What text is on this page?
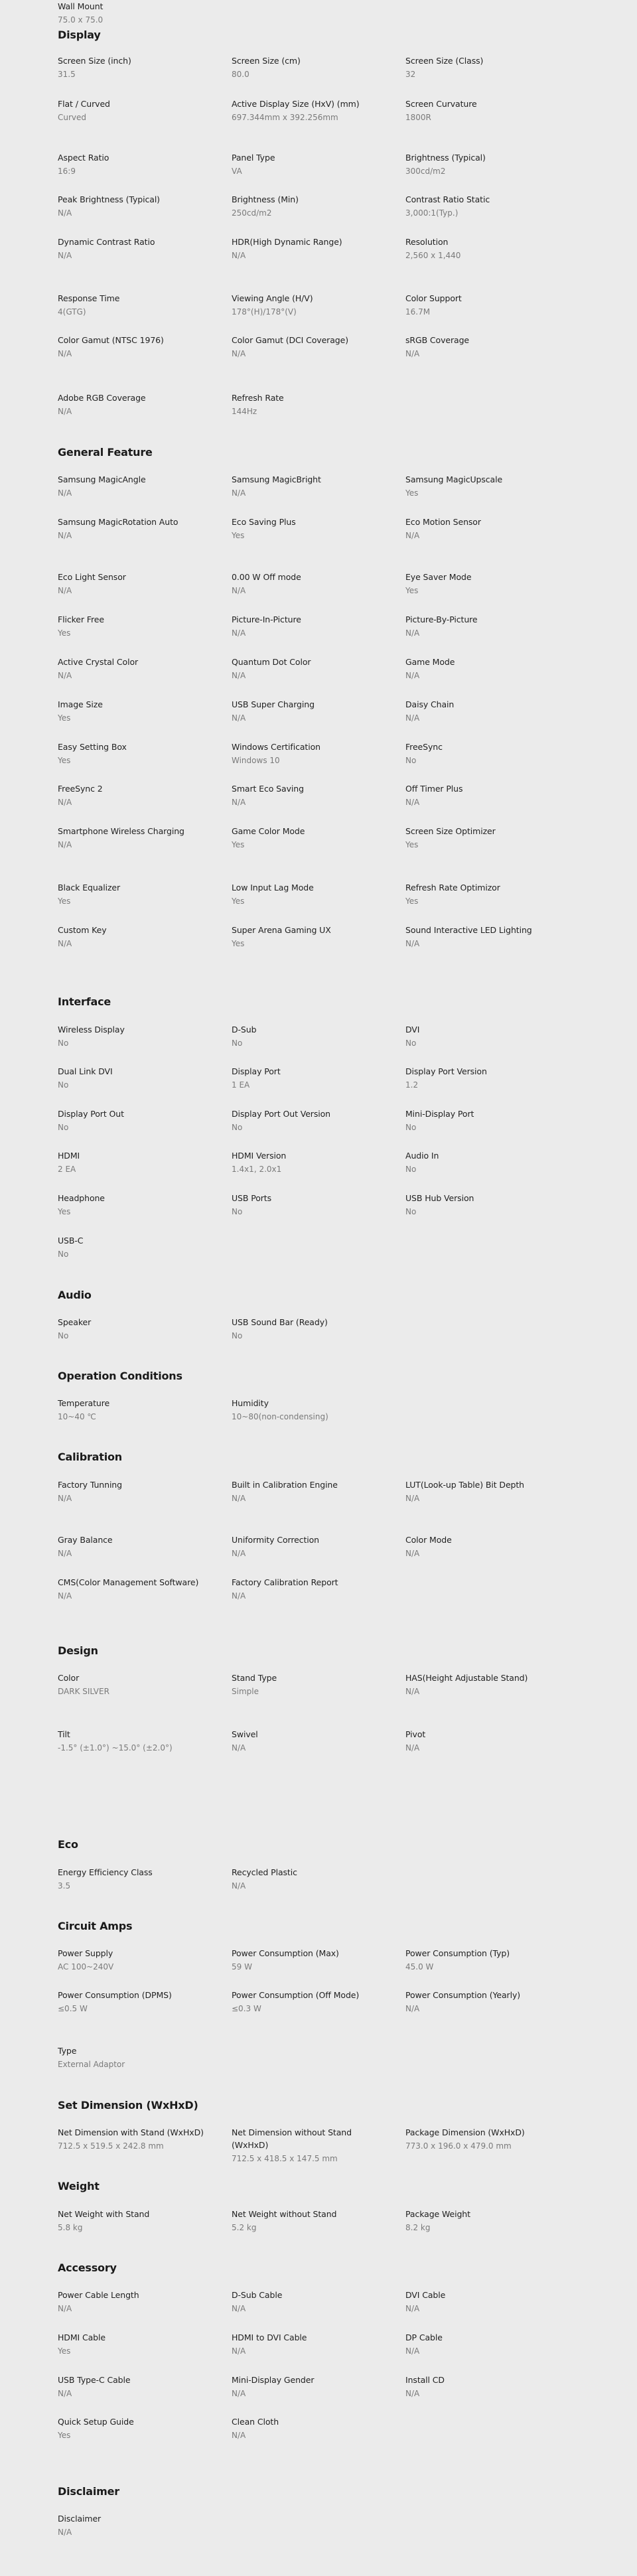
Display
Screen Size (inch)
31.5
Screen Size (cm)
80.0
Screen Size (Class)
32
Flat / Curved
Curved
Active Display Size (HxV) (mm)
697.344mm x 392.256mm
Screen Curvature
1800R
Aspect Ratio
16:9
Panel Type
VA
Brightness (Typical)
300cd/m2
Peak Brightness (Typical)
N/A
Brightness (Min)
250cd/m2
Contrast Ratio Static
3,000:1(Typ.)
Dynamic Contrast Ratio
N/A
HDR(High Dynamic Range)
N/A
Resolution
2,560 x 1,440
Response Time
4(GTG)
Viewing Angle (H/V)
178°(H)/178°(V)
Color Support
16.7M
Color Gamut (NTSC 1976)
N/A
Color Gamut (DCI Coverage)
N/A
sRGB Coverage
N/A
Adobe RGB Coverage
N/A
Refresh Rate
144Hz
General Feature
Samsung MagicAngle
N/A
Samsung MagicBright
N/A
Samsung MagicUpscale
Yes
Samsung MagicRotation Auto
N/A
Eco Saving Plus
Yes
Eco Motion Sensor
N/A
Eco Light Sensor
N/A
0.00 W Off mode
N/A
Eye Saver Mode
Yes
Flicker Free
Yes
Picture-In-Picture
N/A
Picture-By-Picture
N/A
Active Crystal Color
N/A
Quantum Dot Color
N/A
Game Mode
N/A
Image Size
Yes
USB Super Charging
N/A
Daisy Chain
N/A
Easy Setting Box
Yes
Windows Certification
Windows 10
FreeSync
No
FreeSync 2
N/A
Smart Eco Saving
N/A
Off Timer Plus
N/A
Smartphone Wireless Charging
N/A
Game Color Mode
Yes
Screen Size Optimizer
Yes
Black Equalizer
Yes
Low Input Lag Mode
Yes
Refresh Rate Optimizor
Yes
Custom Key
N/A
Super Arena Gaming UX
Yes
Sound Interactive LED Lighting
N/A
Interface
Wireless Display
No
D-Sub
No
DVI
No
Dual Link DVI
No
Display Port
1 EA
Display Port Version
1.2
Display Port Out
No
Display Port Out Version
No
Mini-Display Port
No
HDMI
2 EA
HDMI Version
1.4x1, 2.0x1
Audio In
No
Headphone
Yes
USB Ports
No
USB Hub Version
No
USB-C
No
Audio
Speaker
No
USB Sound Bar (Ready)
No
Operation Conditions
Temperature
10~40 ℃
Humidity
10~80(non-condensing)
Calibration
Factory Tunning
N/A
Built in Calibration Engine
N/A
LUT(Look-up Table) Bit Depth
N/A
Gray Balance
N/A
Uniformity Correction
N/A
Color Mode
N/A
CMS(Color Management Software)
N/A
Factory Calibration Report
N/A
Design
Color
DARK SILVER
Stand Type
Simple
HAS(Height Adjustable Stand)
N/A
Tilt
-1.5° (±1.0°) ~15.0° (±2.0°)
Swivel
N/A
Pivot
N/A
Wall Mount
75.0 x 75.0
Eco
Energy Efficiency Class
3.5
Recycled Plastic
N/A
Circuit Amps
Power Supply
AC 100~240V
Power Consumption (Max)
59 W
Power Consumption (Typ)
45.0 W
Power Consumption (DPMS)
≤0.5 W
Power Consumption (Off Mode)
≤0.3 W
Power Consumption (Yearly)
N/A
Type
External Adaptor
Set Dimension (WxHxD)
Net Dimension with Stand (WxHxD)
712.5 x 519.5 x 242.8 mm
Net Dimension without Stand (WxHxD)
712.5 x 418.5 x 147.5 mm
Package Dimension (WxHxD)
773.0 x 196.0 x 479.0 mm
Weight
Net Weight with Stand
5.8 kg
Net Weight without Stand
5.2 kg
Package Weight
8.2 kg
Accessory
Power Cable Length
N/A
D-Sub Cable
N/A
DVI Cable
N/A
HDMI Cable
Yes
HDMI to DVI Cable
N/A
DP Cable
N/A
USB Type-C Cable
N/A
Mini-Display Gender
N/A
Install CD
N/A
Quick Setup Guide
Yes
Clean Cloth
N/A
Disclaimer
Disclaimer
N/A
